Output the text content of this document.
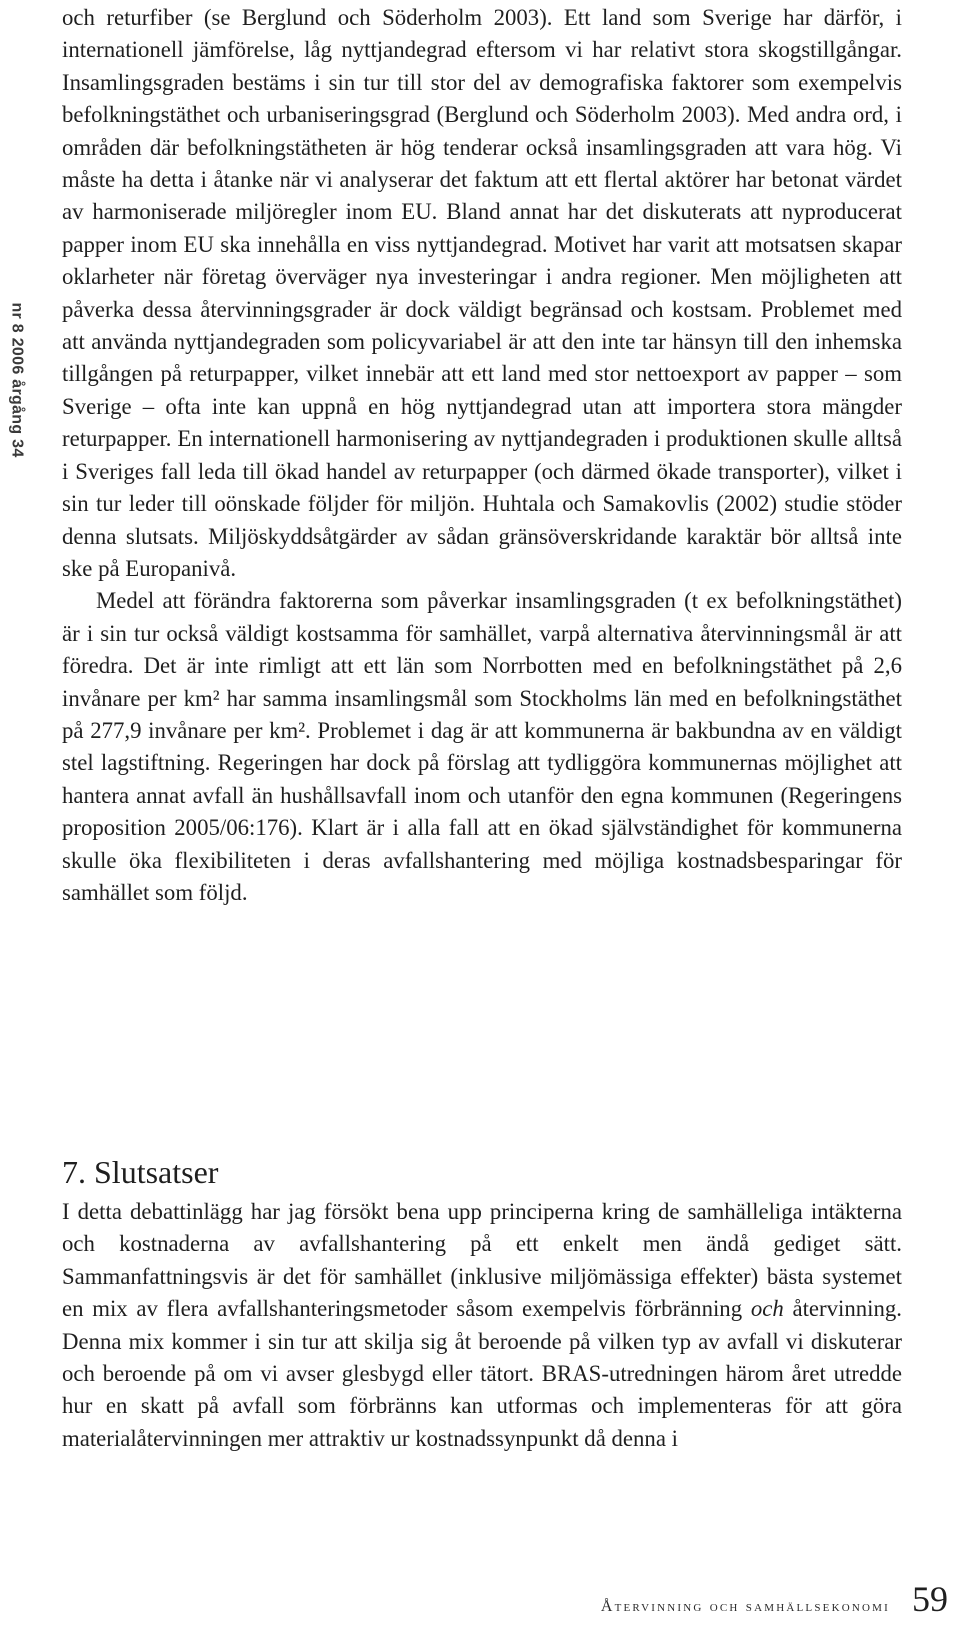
nr 8 2006 årgång 34

och returfiber (se Berglund och Söderholm 2003). Ett land som Sverige har därför, i internationell jämförelse, låg nyttjandegrad eftersom vi har relativt stora skogstillgångar. Insamlingsgraden bestäms i sin tur till stor del av demografiska faktorer som exempelvis befolkningstäthet och urbaniseringsgrad (Berglund och Söderholm 2003). Med andra ord, i områden där befolkningstätheten är hög tenderar också insamlingsgraden att vara hög. Vi måste ha detta i åtanke när vi analyserar det faktum att ett flertal aktörer har betonat värdet av harmoniserade miljöregler inom EU. Bland annat har det diskuterats att nyproducerat papper inom EU ska innehålla en viss nyttjandegrad. Motivet har varit att motsatsen skapar oklarheter när företag överväger nya investeringar i andra regioner. Men möjligheten att påverka dessa återvinningsgrader är dock väldigt begränsad och kostsam. Problemet med att använda nyttjandegraden som policyvariabel är att den inte tar hänsyn till den inhemska tillgången på returpapper, vilket innebär att ett land med stor nettoexport av papper – som Sverige – ofta inte kan uppnå en hög nyttjandegrad utan att importera stora mängder returpapper. En internationell harmonisering av nyttjandegraden i produktionen skulle alltså i Sveriges fall leda till ökad handel av returpapper (och därmed ökade transporter), vilket i sin tur leder till oönskade följder för miljön. Huhtala och Samakovlis (2002) studie stöder denna slutsats. Miljöskyddsåtgärder av sådan gränsöverskridande karaktär bör alltså inte ske på Europanivå.

Medel att förändra faktorerna som påverkar insamlingsgraden (t ex befolkningstäthet) är i sin tur också väldigt kostsamma för samhället, varpå alternativa återvinningsmål är att föredra. Det är inte rimligt att ett län som Norrbotten med en befolkningstäthet på 2,6 invånare per km² har samma insamlingsmål som Stockholms län med en befolkningstäthet på 277,9 invånare per km². Problemet i dag är att kommunerna är bakbundna av en väldigt stel lagstiftning. Regeringen har dock på förslag att tydliggöra kommunernas möjlighet att hantera annat avfall än hushållsavfall inom och utanför den egna kommunen (Regeringens proposition 2005/06:176). Klart är i alla fall att en ökad självständighet för kommunerna skulle öka flexibiliteten i deras avfallshantering med möjliga kostnadsbesparingar för samhället som följd.

7. Slutsatser

I detta debattinlägg har jag försökt bena upp principerna kring de samhälleliga intäkterna och kostnaderna av avfallshantering på ett enkelt men ändå gediget sätt. Sammanfattningsvis är det för samhället (inklusive miljömässiga effekter) bästa systemet en mix av flera avfallshanteringsmetoder såsom exempelvis förbränning och återvinning. Denna mix kommer i sin tur att skilja sig åt beroende på vilken typ av avfall vi diskuterar och beroende på om vi avser glesbygd eller tätort. BRAS-utredningen härom året utredde hur en skatt på avfall som förbränns kan utformas och implementeras för att göra materialåtervinningen mer attraktiv ur kostnadssynpunkt då denna i

Återvinning och samhällsekonomi 59
